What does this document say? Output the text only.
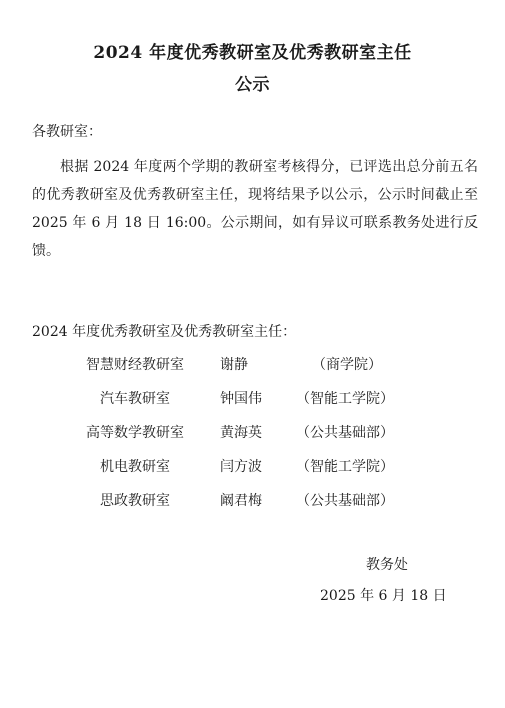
2024 年度优秀教研室及优秀教研室主任
公示
各教研室：
根据 2024 年度两个学期的教研室考核得分，已评选出总分前五名的优秀教研室及优秀教研室主任，现将结果予以公示，公示时间截止至 2025 年 6 月 18 日 16:00。公示期间，如有异议可联系教务处进行反馈。
2024 年度优秀教研室及优秀教研室主任：
智慧财经教研室	谢静	（商学院）
汽车教研室	钟国伟 （智能工学院）
高等数学教研室	黄海英 （公共基础部）
机电教研室	闫方波 （智能工学院）
思政教研室	阚君梅 （公共基础部）
教务处
2025 年 6 月 18 日
